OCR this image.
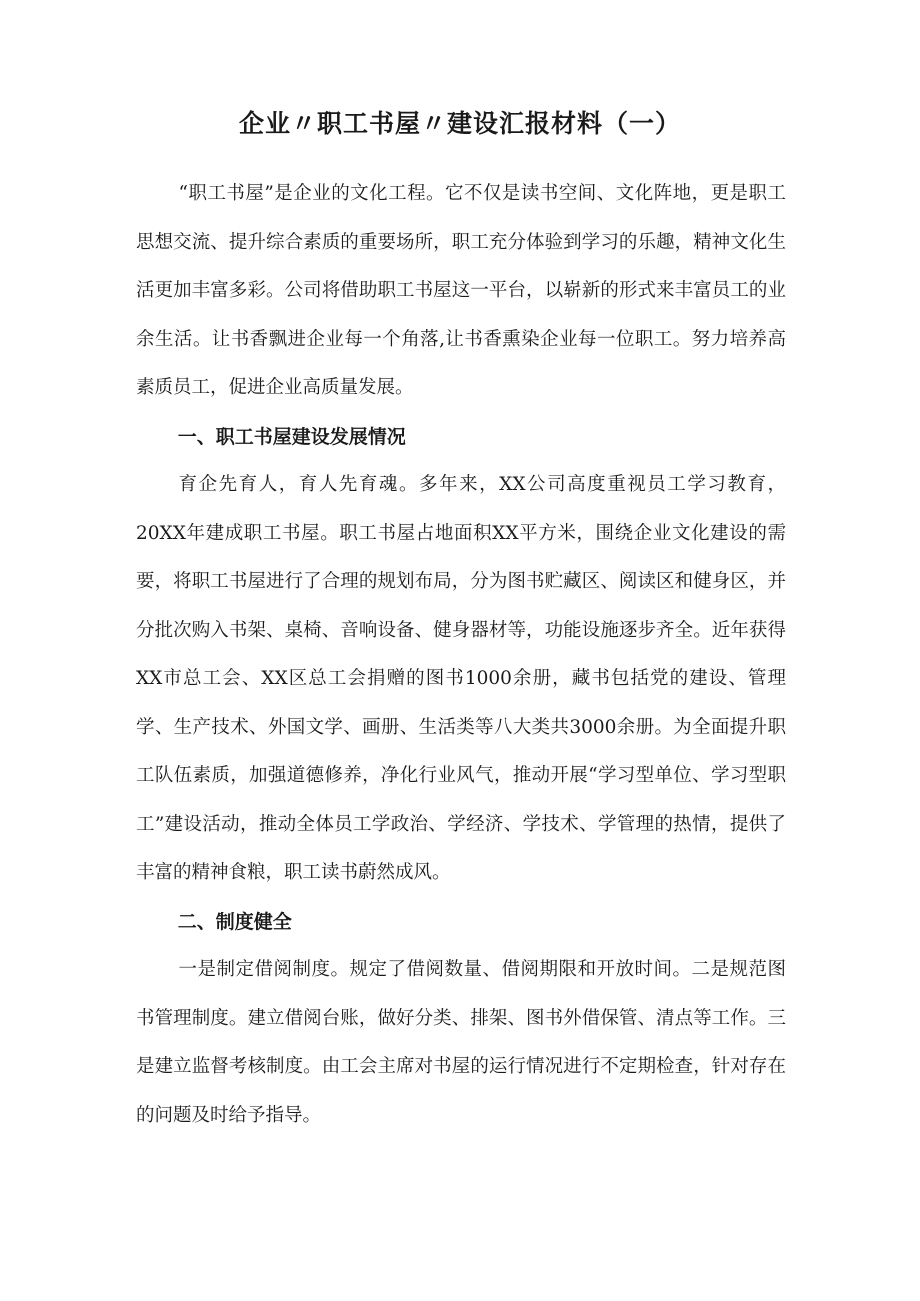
企业〃职工书屋〃建设汇报材料（一）

“职工书屋”是企业的文化工程。它不仅是读书空间、文化阵地，更是职工思想交流、提升综合素质的重要场所，职工充分体验到学习的乐趣，精神文化生活更加丰富多彩。公司将借助职工书屋这一平台，以崭新的形式来丰富员工的业余生活。让书香飘进企业每一个角落,让书香熏染企业每一位职工。努力培养高素质员工，促进企业高质量发展。

一、职工书屋建设发展情况

育企先育人，育人先育魂。多年来，XX公司高度重视员工学习教育，20XX年建成职工书屋。职工书屋占地面积XX平方米，围绕企业文化建设的需要，将职工书屋进行了合理的规划布局，分为图书贮藏区、阅读区和健身区，并分批次购入书架、桌椅、音响设备、健身器材等，功能设施逐步齐全。近年获得XX市总工会、XX区总工会捐赠的图书1000余册，藏书包括党的建设、管理学、生产技术、外国文学、画册、生活类等八大类共3000余册。为全面提升职工队伍素质，加强道德修养，净化行业风气，推动开展“学习型单位、学习型职工”建设活动，推动全体员工学政治、学经济、学技术、学管理的热情，提供了丰富的精神食粮，职工读书蔚然成风。

二、制度健全

一是制定借阅制度。规定了借阅数量、借阅期限和开放时间。二是规范图书管理制度。建立借阅台账，做好分类、排架、图书外借保管、清点等工作。三是建立监督考核制度。由工会主席对书屋的运行情况进行不定期检查，针对存在的问题及时给予指导。
